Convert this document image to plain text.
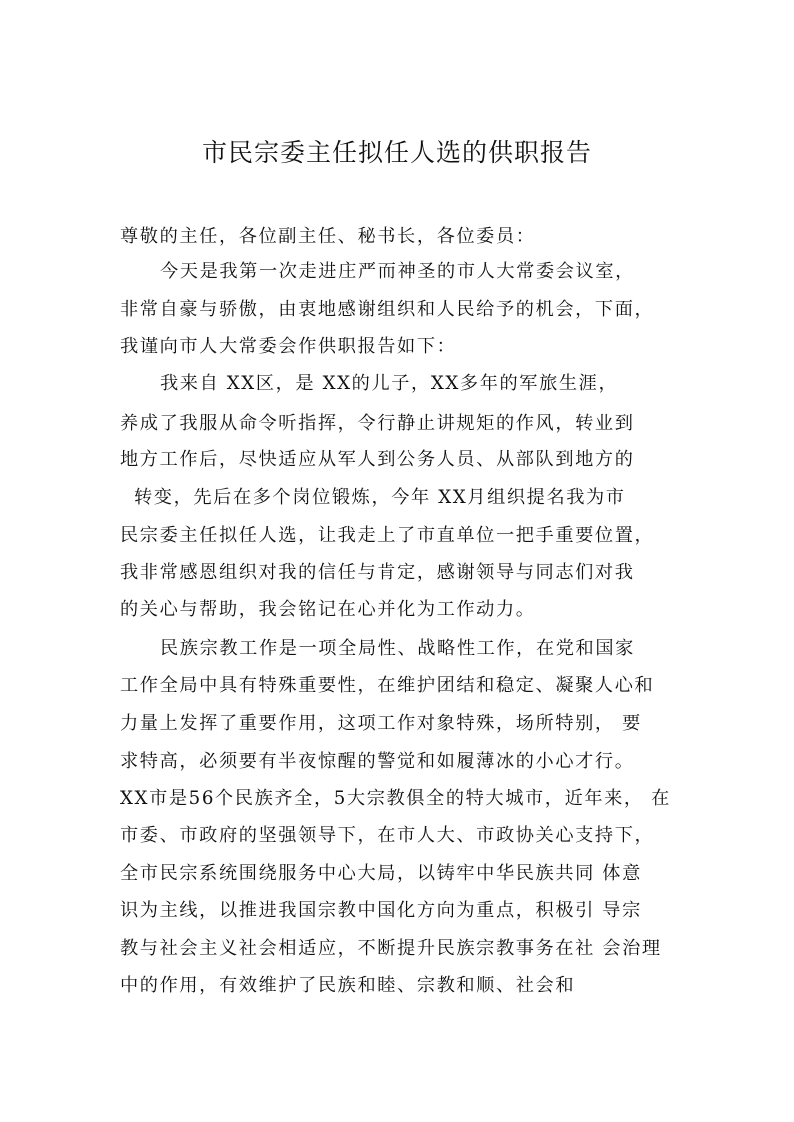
市民宗委主任拟任人选的供职报告
尊敬的主任，各位副主任、秘书长，各位委员：
今天是我第一次走进庄严而神圣的市人大常委会议室，
非常自豪与骄傲，由衷地感谢组织和人民给予的机会，下面，
我谨向市人大常委会作供职报告如下：
我来自 XX区，是 XX的儿子，XX多年的军旅生涯，
养成了我服从命令听指挥，令行静止讲规矩的作风，转业到
地方工作后，尽快适应从军人到公务人员、从部队到地方的
转变，先后在多个岗位锻炼，今年 XX月组织提名我为市
民宗委主任拟任人选，让我走上了市直单位一把手重要位置，
我非常感恩组织对我的信任与肯定，感谢领导与同志们对我
的关心与帮助，我会铭记在心并化为工作动力。
民族宗教工作是一项全局性、战略性工作，在党和国家
工作全局中具有特殊重要性，在维护团结和稳定、凝聚人心和
力量上发挥了重要作用，这项工作对象特殊，场所特别， 要
求特高，必须要有半夜惊醒的警觉和如履薄冰的小心才行。
XX市是56个民族齐全，5大宗教俱全的特大城市，近年来， 在
市委、市政府的坚强领导下，在市人大、市政协关心支持下，
全市民宗系统围绕服务中心大局，以铸牢中华民族共同 体意
识为主线，以推进我国宗教中国化方向为重点，积极引 导宗
教与社会主义社会相适应，不断提升民族宗教事务在社 会治理
中的作用，有效维护了民族和睦、宗教和顺、社会和
